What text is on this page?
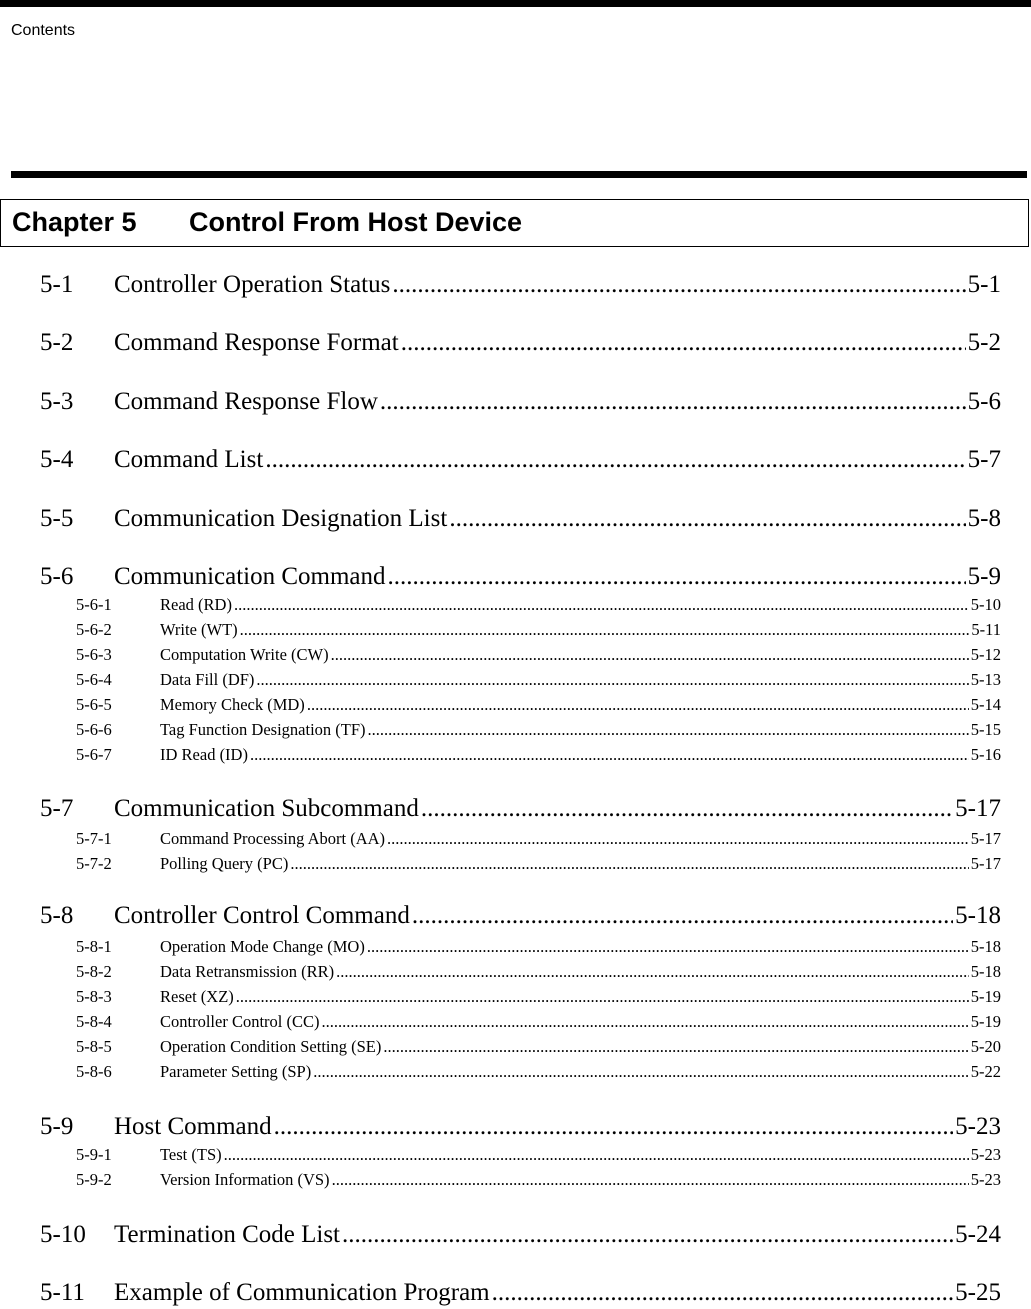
Contents
Chapter 5 Control From Host Device
5-1	Controller Operation Status .....	5-1
5-2	Command Response Format .....	5-2
5-3	Command Response Flow .....	5-6
5-4	Command List .....	5-7
5-5	Communication Designation List .....	5-8
5-6	Communication Command .....	5-9
5-6-1	Read (RD) .....	5-10
5-6-2	Write (WT) .....	5-11
5-6-3	Computation Write (CW) .....	5-12
5-6-4	Data Fill (DF) .....	5-13
5-6-5	Memory Check (MD) .....	5-14
5-6-6	Tag Function Designation (TF) .....	5-15
5-6-7	ID Read (ID) .....	5-16
5-7	Communication Subcommand .....	5-17
5-7-1	Command Processing Abort (AA) .....	5-17
5-7-2	Polling Query (PC) .....	5-17
5-8	Controller Control Command .....	5-18
5-8-1	Operation Mode Change (MO) .....	5-18
5-8-2	Data Retransmission (RR) .....	5-18
5-8-3	Reset (XZ) .....	5-19
5-8-4	Controller Control (CC) .....	5-19
5-8-5	Operation Condition Setting (SE) .....	5-20
5-8-6	Parameter Setting (SP) .....	5-22
5-9	Host Command .....	5-23
5-9-1	Test (TS) .....	5-23
5-9-2	Version Information (VS) .....	5-23
5-10	Termination Code List .....	5-24
5-11	Example of Communication Program .....	5-25
